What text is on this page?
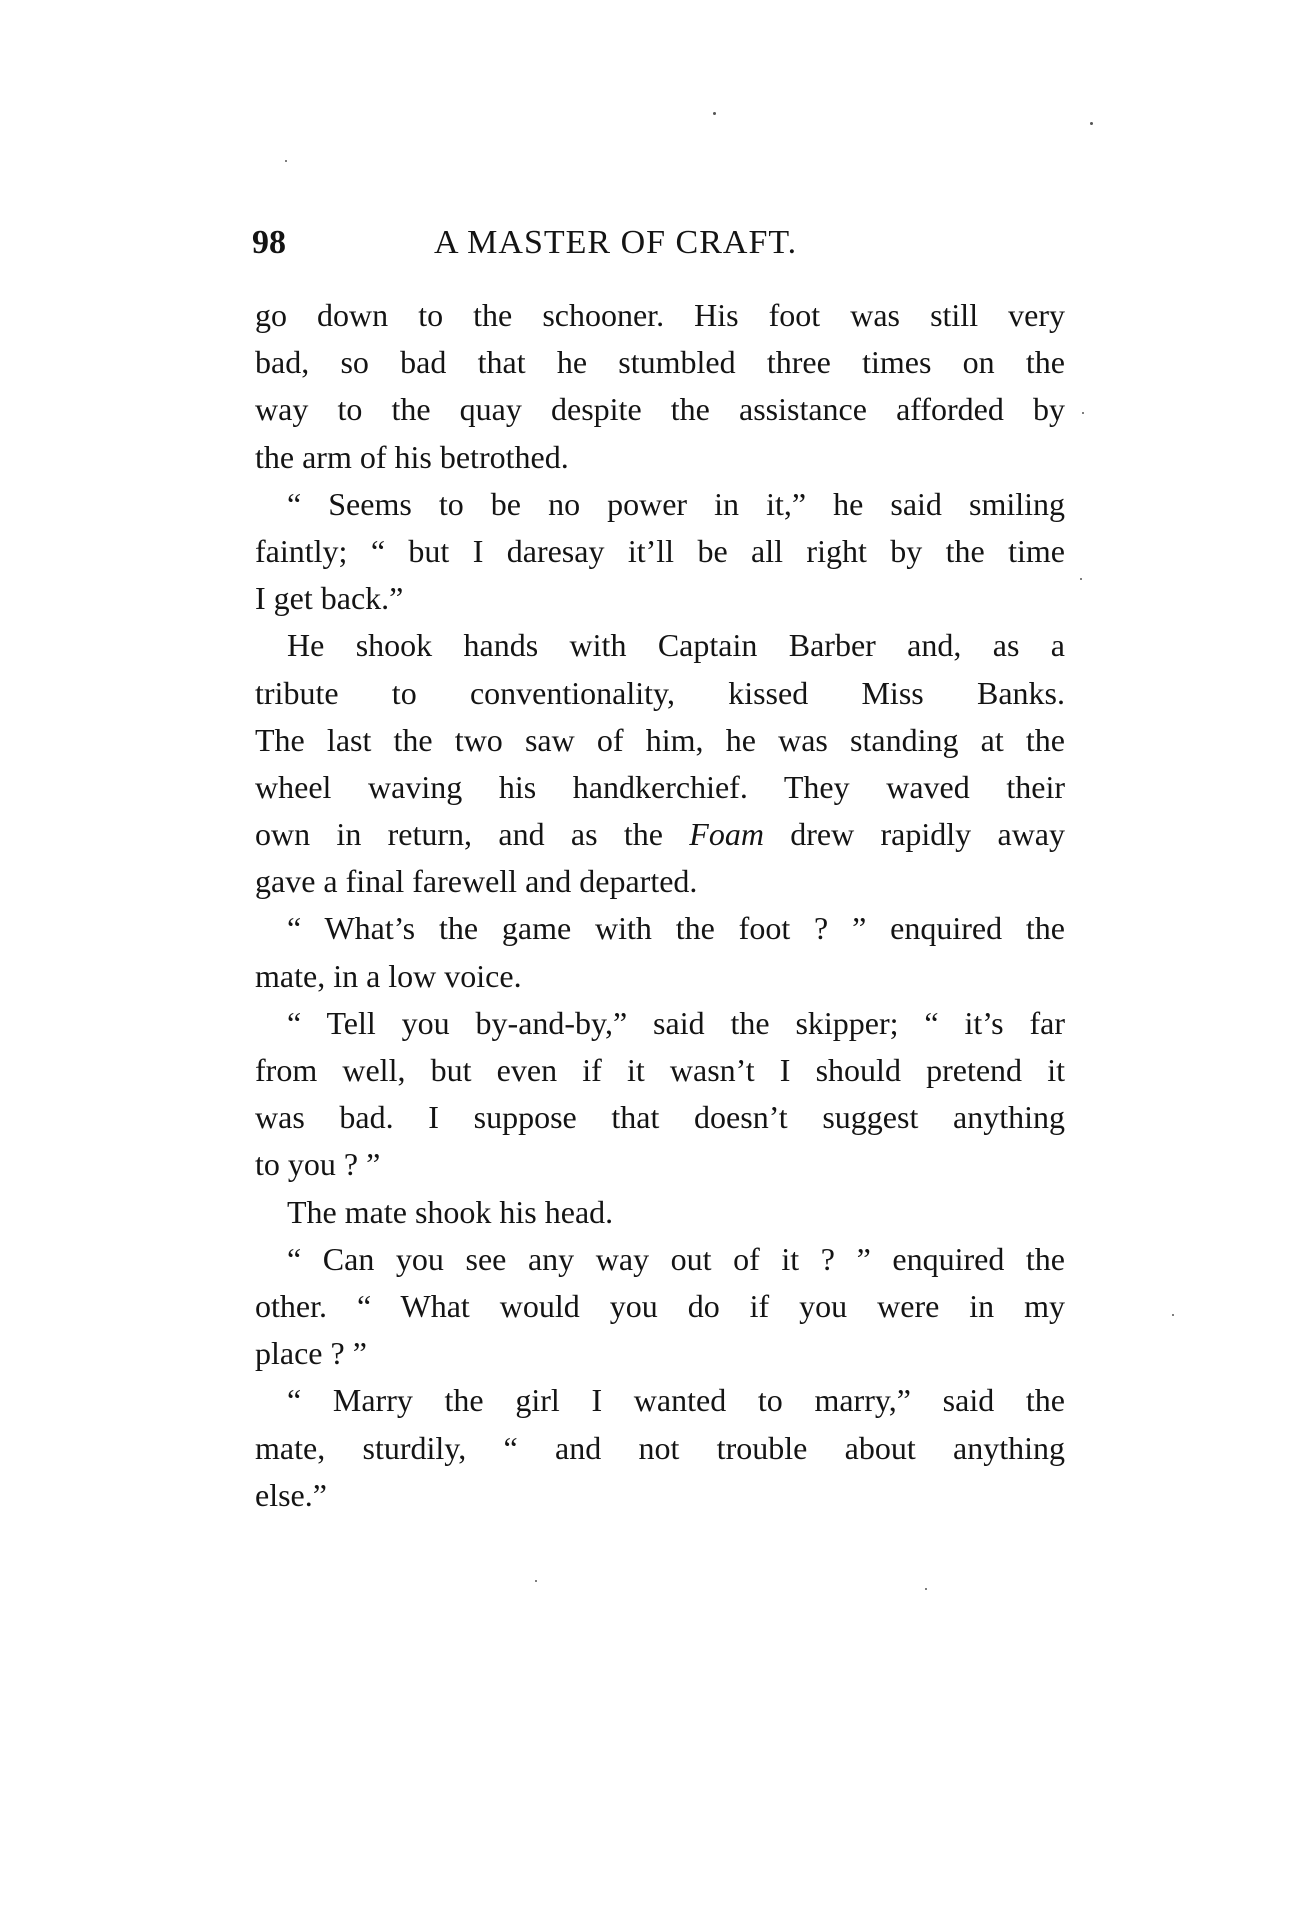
98	A MASTER OF CRAFT.
go down to the schooner. His foot was still very
bad, so bad that he stumbled three times on the
way to the quay despite the assistance afforded by
the arm of his betrothed.
“ Seems to be no power in it,” he said smiling
faintly; “ but I daresay it’ll be all right by the time
I get back.”
He shook hands with Captain Barber and, as a
tribute to conventionality, kissed Miss Banks.
The last the two saw of him, he was standing at the
wheel waving his handkerchief. They waved their
own in return, and as the Foam drew rapidly away
gave a final farewell and departed.
“ What’s the game with the foot ? ” enquired the
mate, in a low voice.
“ Tell you by-and-by,” said the skipper; “ it’s far
from well, but even if it wasn’t I should pretend it
was bad. I suppose that doesn’t suggest anything
to you ? ”
The mate shook his head.
“ Can you see any way out of it ? ” enquired the
other. “ What would you do if you were in my
place ? ”
“ Marry the girl I wanted to marry,” said the
mate, sturdily, “ and not trouble about anything
else.”
